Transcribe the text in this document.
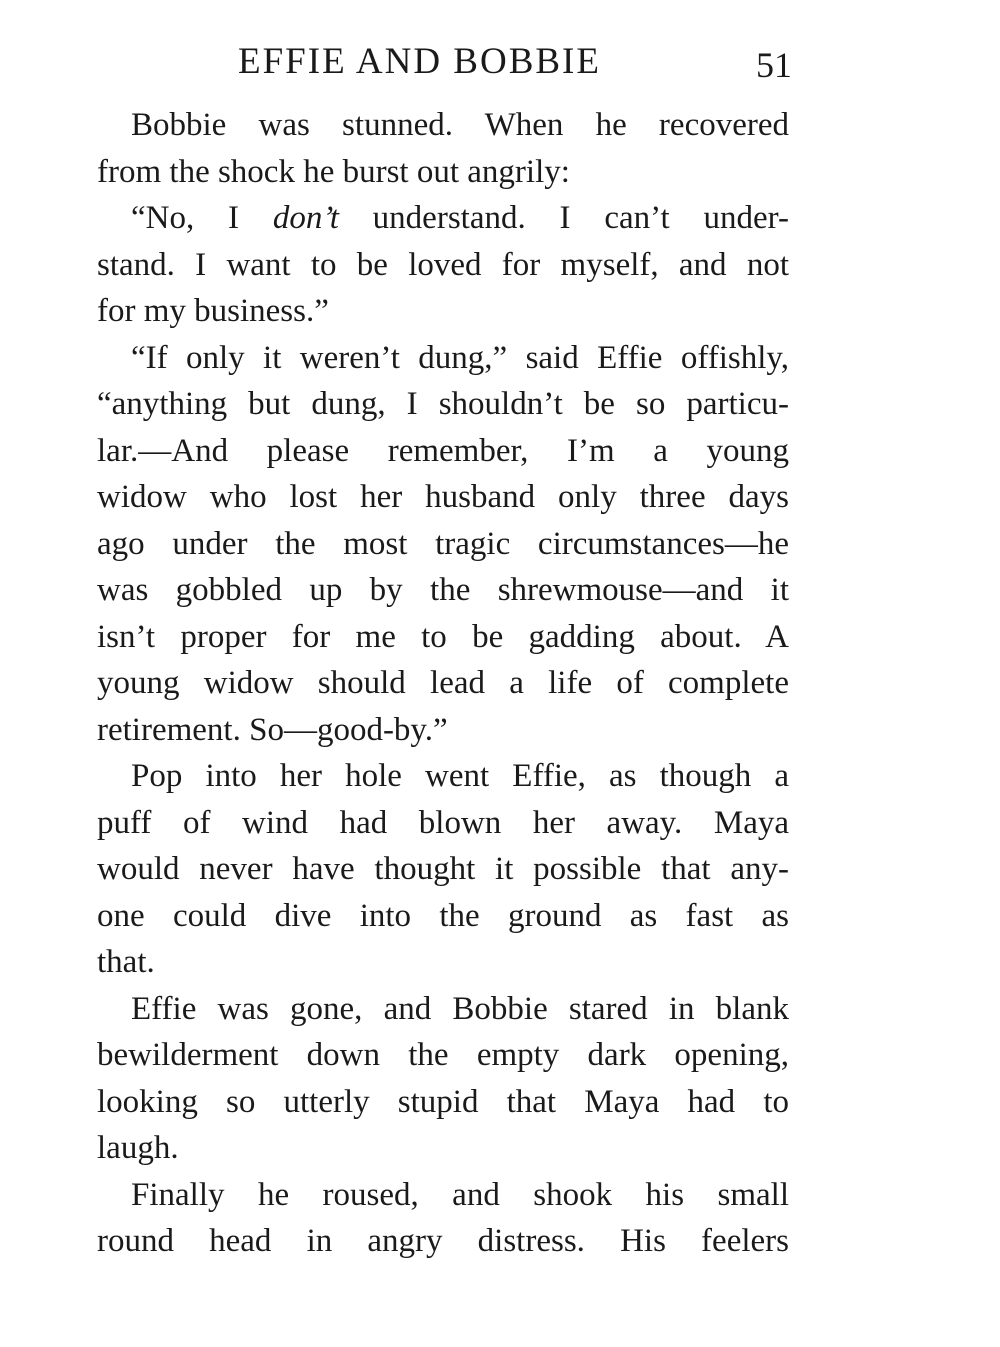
EFFIE AND BOBBIE	51
Bobbie was stunned. When he recovered
from the shock he burst out angrily:
“No, I don’t understand. I can’t under-
stand. I want to be loved for myself, and not
for my business.”
“If only it weren’t dung,” said Effie offishly,
“anything but dung, I shouldn’t be so particu-
lar.—And please remember, I’m a young
widow who lost her husband only three days
ago under the most tragic circumstances—he
was gobbled up by the shrewmouse—and it
isn’t proper for me to be gadding about. A
young widow should lead a life of complete
retirement. So—good-by.”
Pop into her hole went Effie, as though a
puff of wind had blown her away. Maya
would never have thought it possible that any-
one could dive into the ground as fast as
that.
Effie was gone, and Bobbie stared in blank
bewilderment down the empty dark opening,
looking so utterly stupid that Maya had to
laugh.
Finally he roused, and shook his small
round head in angry distress. His feelers
